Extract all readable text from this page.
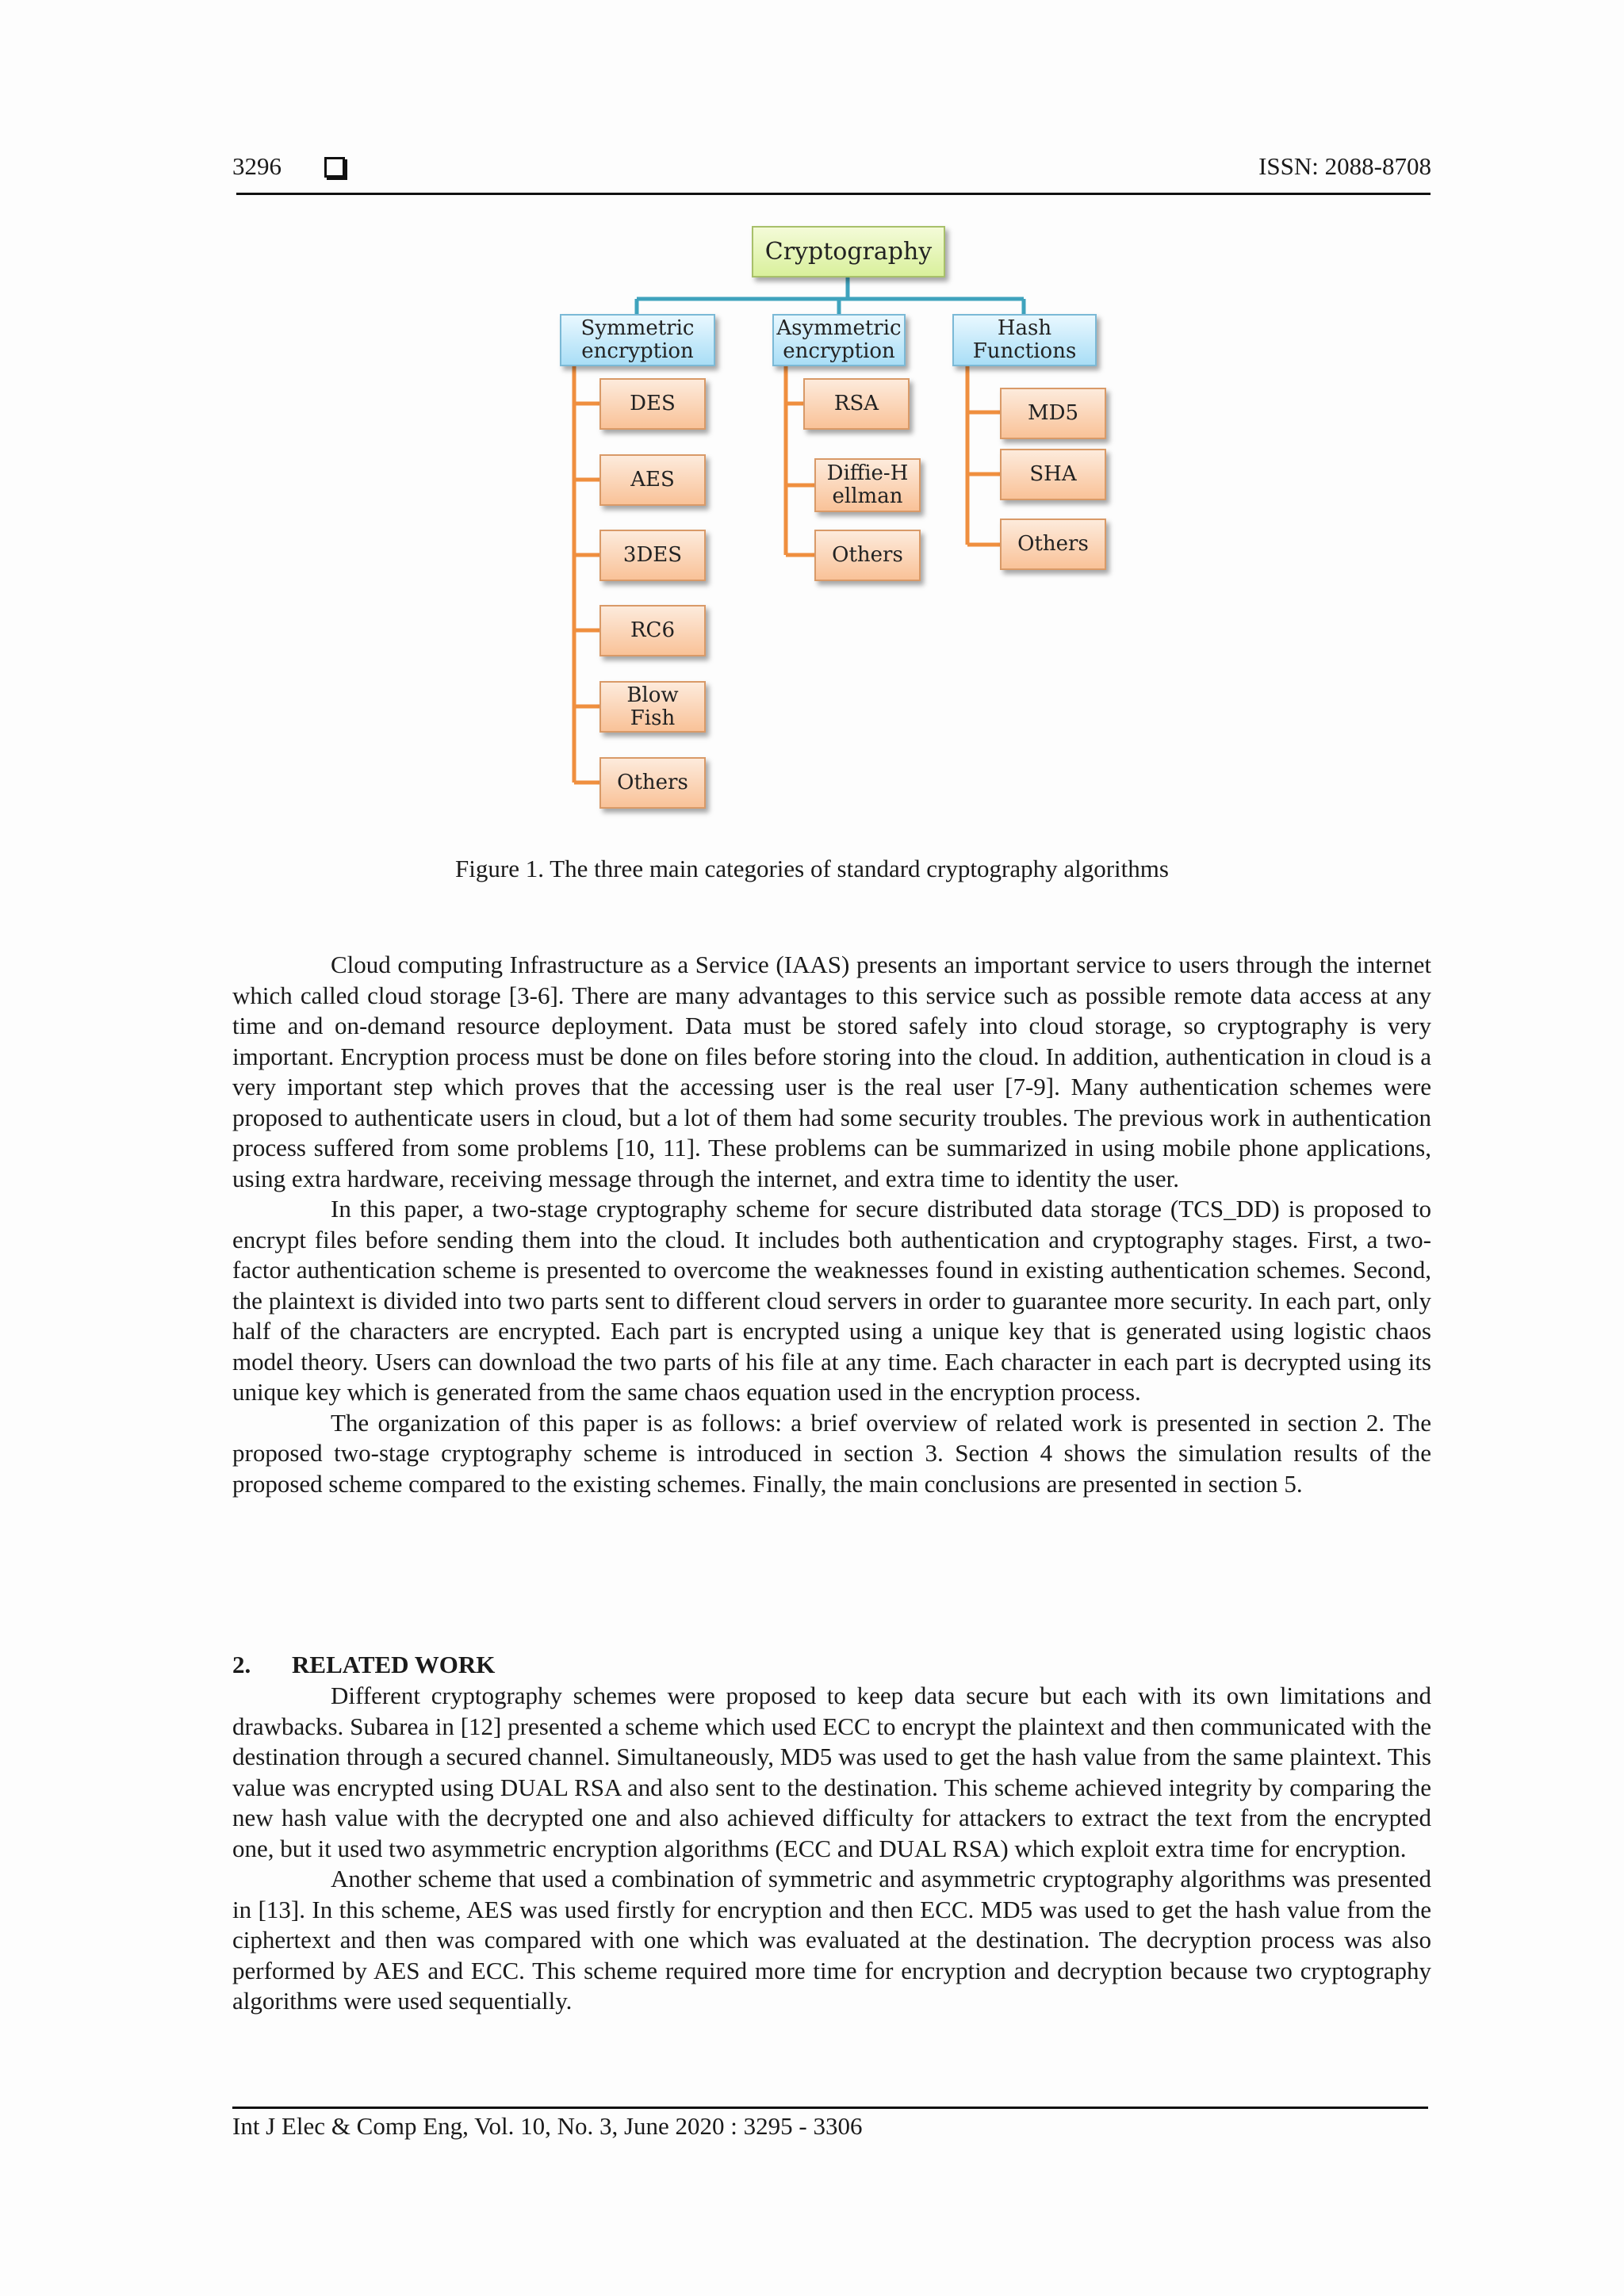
3296	ISSN: 2088-8708
Cryptography
Symmetric encryption
Asymmetric encryption
Hash Functions
DES
AES
3DES
RC6
Blow Fish
Others
RSA
Diffie-Hellman
Others
MD5
SHA
Others
Figure 1. The three main categories of standard cryptography algorithms

Cloud computing Infrastructure as a Service (IAAS) presents an important service to users through the internet which called cloud storage [3-6]. There are many advantages to this service such as possible remote data access at any time and on-demand resource deployment. Data must be stored safely into cloud storage, so cryptography is very important. Encryption process must be done on files before storing into the cloud. In addition, authentication in cloud is a very important step which proves that the accessing user is the real user [7-9]. Many authentication schemes were proposed to authenticate users in cloud, but a lot of them had some security troubles. The previous work in authentication process suffered from some problems [10, 11]. These problems can be summarized in using mobile phone applications, using extra hardware, receiving message through the internet, and extra time to identity the user.

In this paper, a two-stage cryptography scheme for secure distributed data storage (TCS_DD) is proposed to encrypt files before sending them into the cloud. It includes both authentication and cryptography stages. First, a two- factor authentication scheme is presented to overcome the weaknesses found in existing authentication schemes. Second, the plaintext is divided into two parts sent to different cloud servers in order to guarantee more security. In each part, only half of the characters are encrypted. Each part is encrypted using a unique key that is generated using logistic chaos model theory. Users can download the two parts of his file at any time. Each character in each part is decrypted using its unique key which is generated from the same chaos equation used in the encryption process.

The organization of this paper is as follows: a brief overview of related work is presented in section 2. The proposed two-stage cryptography scheme is introduced in section 3. Section 4 shows the simulation results of the proposed scheme compared to the existing schemes. Finally, the main conclusions are presented in section 5.

2. RELATED WORK

Different cryptography schemes were proposed to keep data secure but each with its own limitations and drawbacks. Subarea in [12] presented a scheme which used ECC to encrypt the plaintext and then communicated with the destination through a secured channel. Simultaneously, MD5 was used to get the hash value from the same plaintext. This value was encrypted using DUAL RSA and also sent to the destination. This scheme achieved integrity by comparing the new hash value with the decrypted one and also achieved difficulty for attackers to extract the text from the encrypted one, but it used two asymmetric encryption algorithms (ECC and DUAL RSA) which exploit extra time for encryption.

Another scheme that used a combination of symmetric and asymmetric cryptography algorithms was presented in [13]. In this scheme, AES was used firstly for encryption and then ECC. MD5 was used to get the hash value from the ciphertext and then was compared with one which was evaluated at the destination. The decryption process was also performed by AES and ECC. This scheme required more time for encryption and decryption because two cryptography algorithms were used sequentially.

Int J Elec & Comp Eng, Vol. 10, No. 3, June 2020 : 3295 - 3306
